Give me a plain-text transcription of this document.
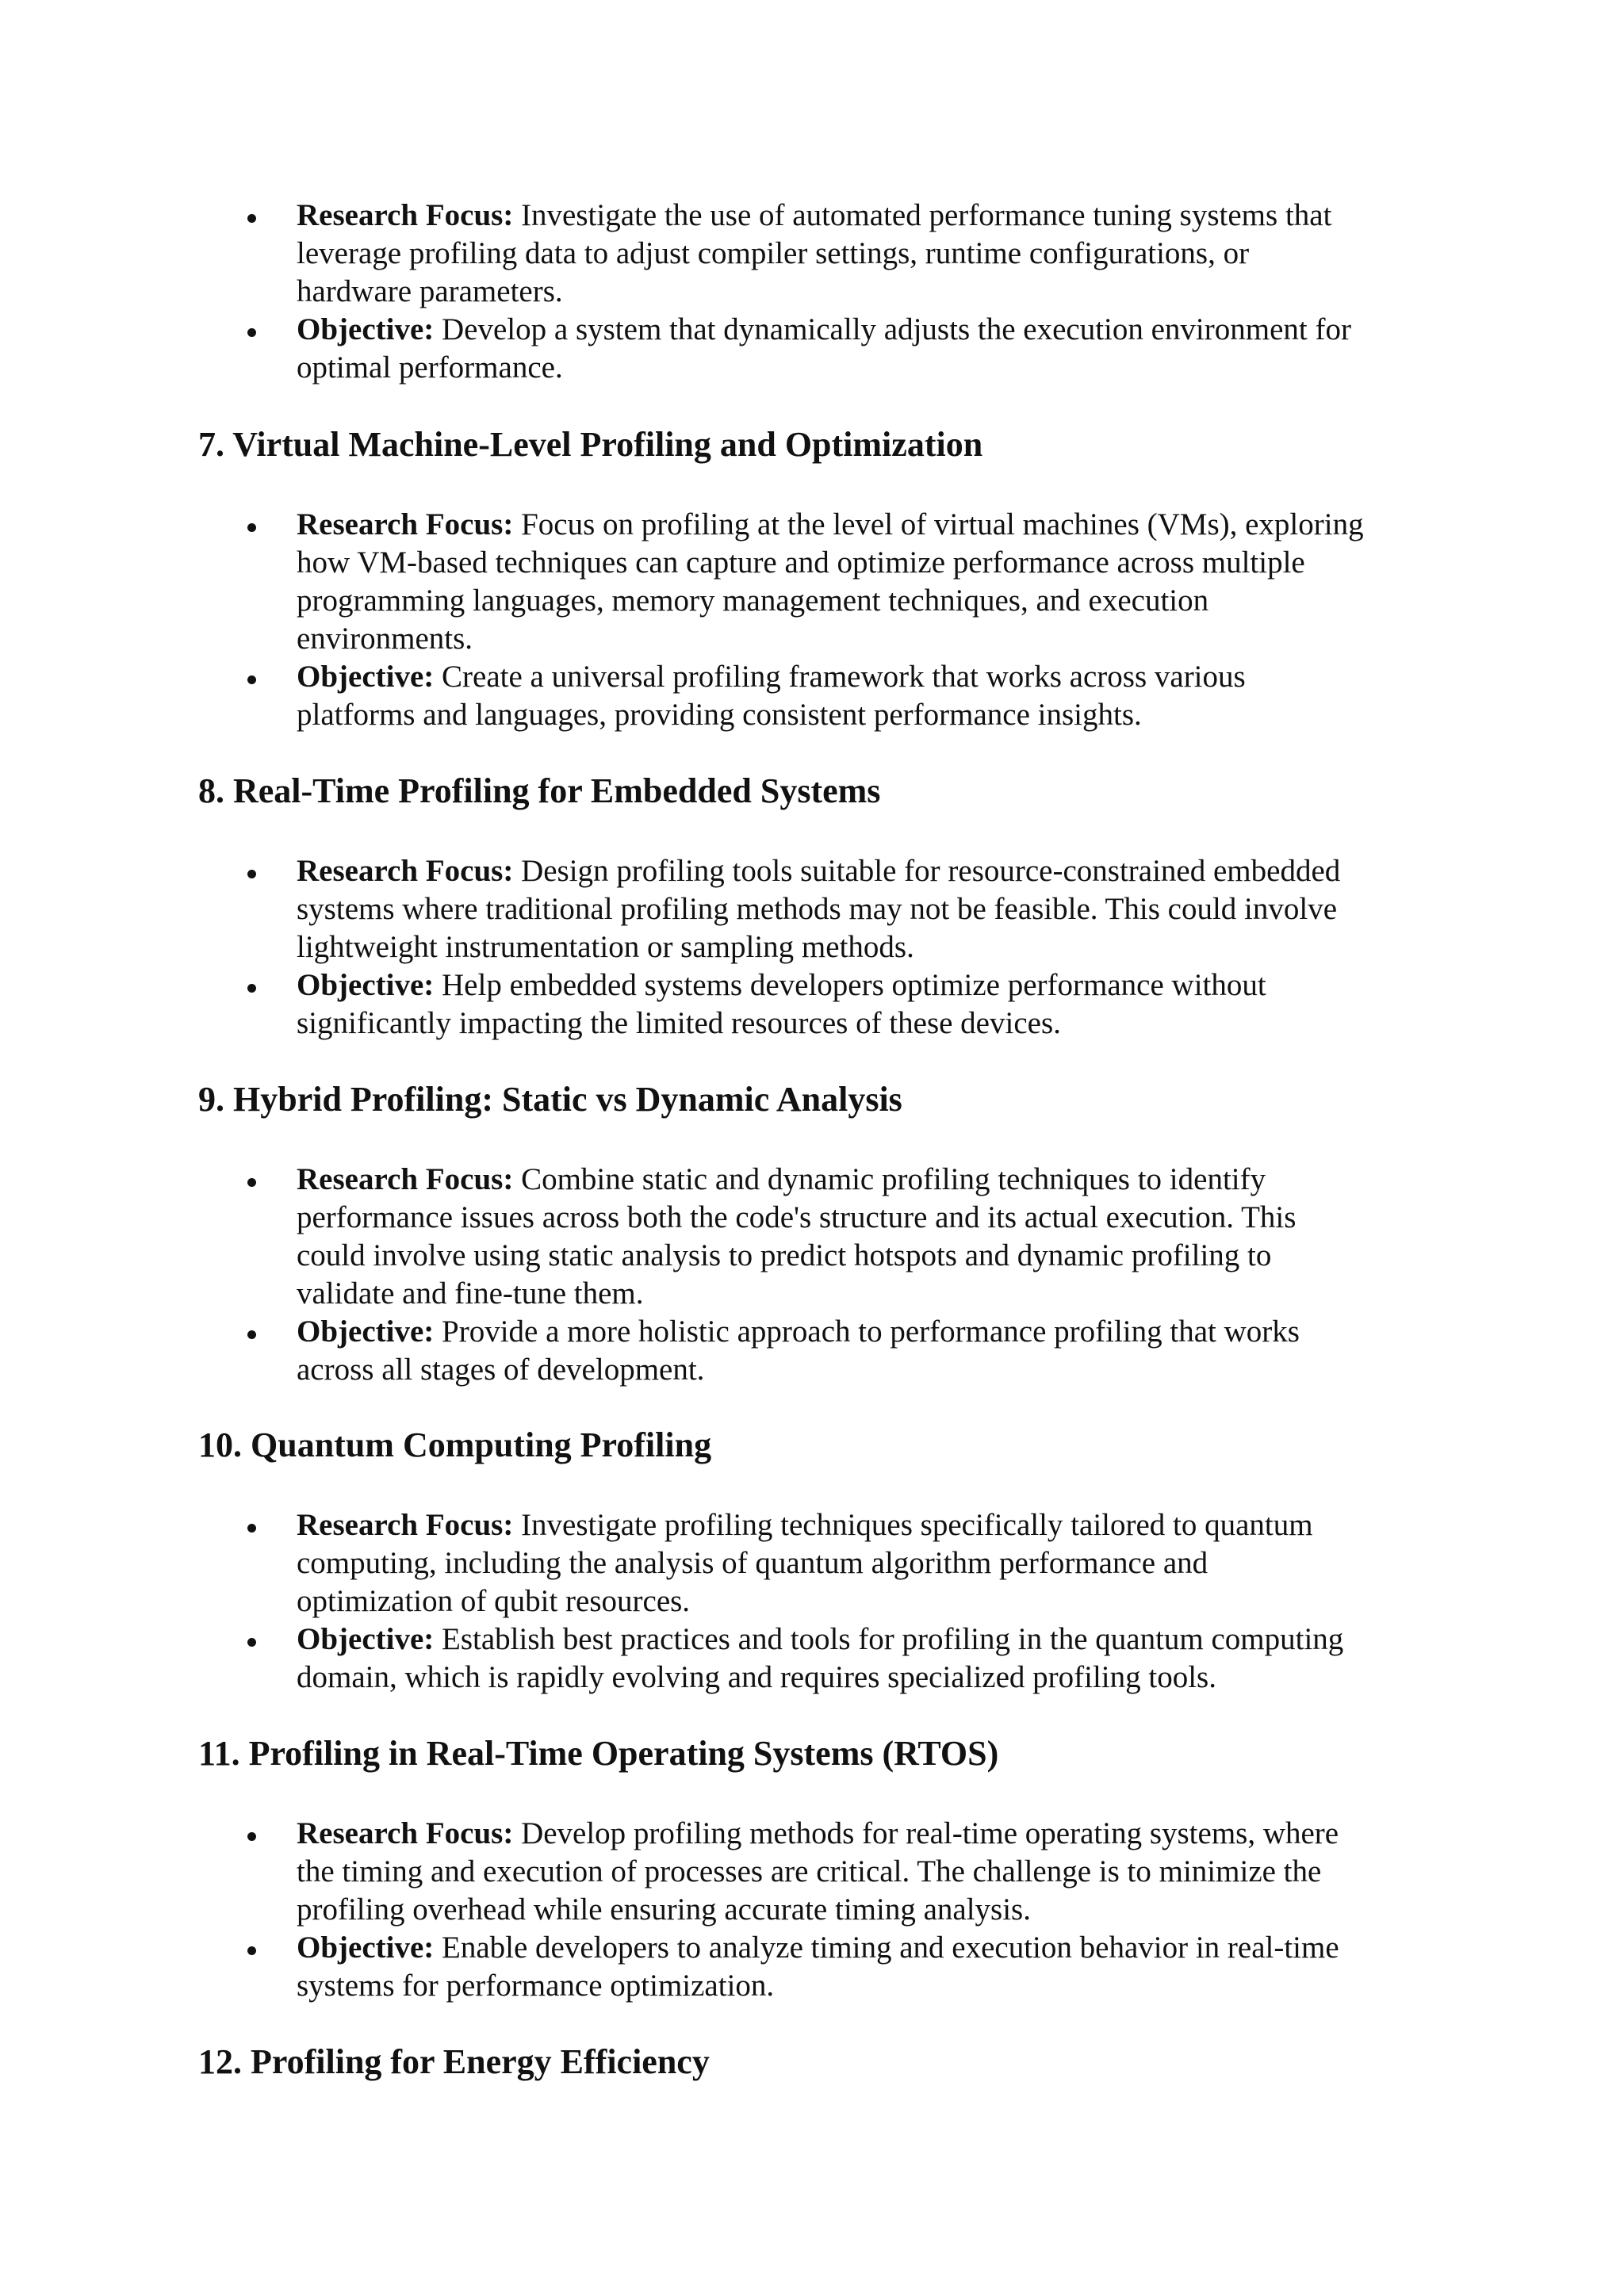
Research Focus: Investigate the use of automated performance tuning systems that
leverage profiling data to adjust compiler settings, runtime configurations, or
hardware parameters.
Objective: Develop a system that dynamically adjusts the execution environment for
optimal performance.
7. Virtual Machine-Level Profiling and Optimization
Research Focus: Focus on profiling at the level of virtual machines (VMs), exploring
how VM-based techniques can capture and optimize performance across multiple
programming languages, memory management techniques, and execution
environments.
Objective: Create a universal profiling framework that works across various
platforms and languages, providing consistent performance insights.
8. Real-Time Profiling for Embedded Systems
Research Focus: Design profiling tools suitable for resource-constrained embedded
systems where traditional profiling methods may not be feasible. This could involve
lightweight instrumentation or sampling methods.
Objective: Help embedded systems developers optimize performance without
significantly impacting the limited resources of these devices.
9. Hybrid Profiling: Static vs Dynamic Analysis
Research Focus: Combine static and dynamic profiling techniques to identify
performance issues across both the code's structure and its actual execution. This
could involve using static analysis to predict hotspots and dynamic profiling to
validate and fine-tune them.
Objective: Provide a more holistic approach to performance profiling that works
across all stages of development.
10. Quantum Computing Profiling
Research Focus: Investigate profiling techniques specifically tailored to quantum
computing, including the analysis of quantum algorithm performance and
optimization of qubit resources.
Objective: Establish best practices and tools for profiling in the quantum computing
domain, which is rapidly evolving and requires specialized profiling tools.
11. Profiling in Real-Time Operating Systems (RTOS)
Research Focus: Develop profiling methods for real-time operating systems, where
the timing and execution of processes are critical. The challenge is to minimize the
profiling overhead while ensuring accurate timing analysis.
Objective: Enable developers to analyze timing and execution behavior in real-time
systems for performance optimization.
12. Profiling for Energy Efficiency
